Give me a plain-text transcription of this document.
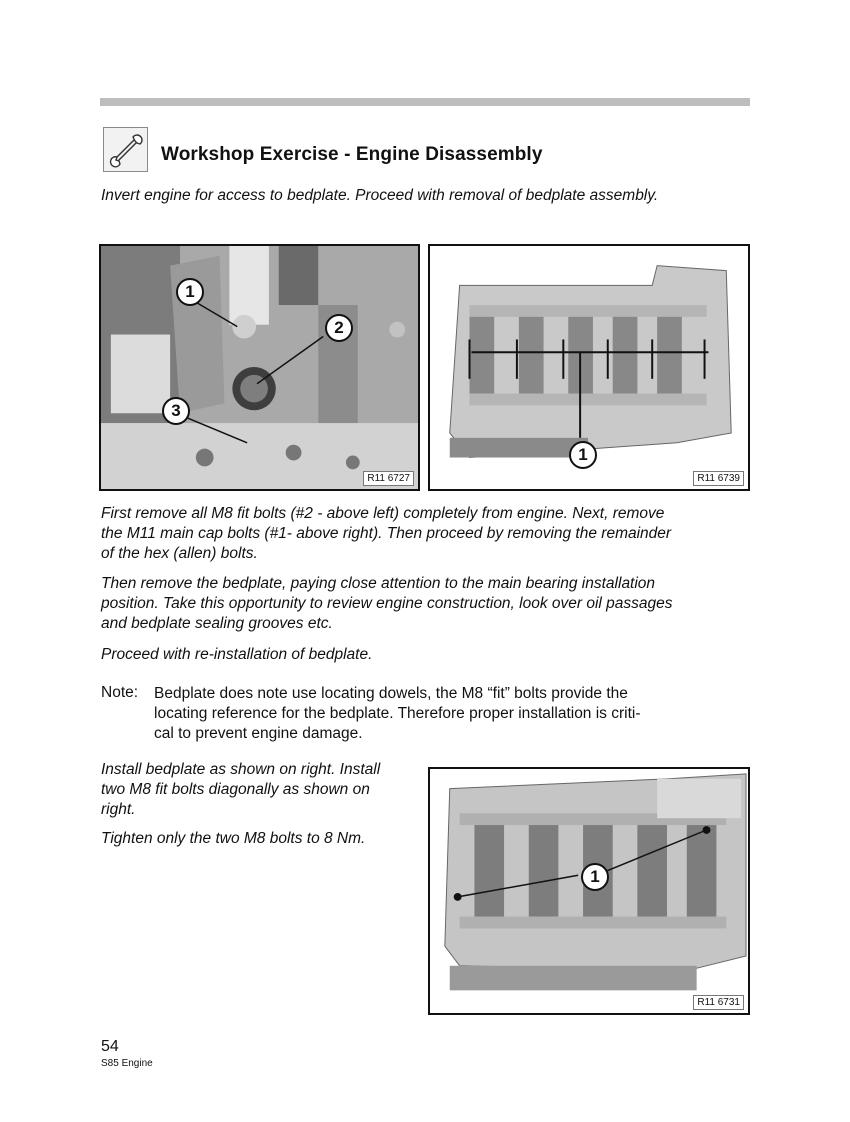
Workshop Exercise - Engine Disassembly
Invert engine for access to bedplate. Proceed with removal of bedplate assembly.
1
2
3
R11 6727
1
R11 6739
First remove all M8 fit bolts (#2 - above left) completely from engine. Next, remove
the M11 main cap bolts (#1- above right). Then proceed by removing the remainder
of the hex (allen) bolts.
Then remove the bedplate, paying close attention to the main bearing installation
position. Take this opportunity to review engine construction, look over oil passages
and bedplate sealing grooves etc.
Proceed with re-installation of bedplate.
Note: Bedplate does note use locating dowels, the M8 “fit” bolts provide the
locating reference for the bedplate. Therefore proper installation is criti-
cal to prevent engine damage.
Install bedplate as shown on right. Install
two M8 fit bolts diagonally as shown on
right.
Tighten only the two M8 bolts to 8 Nm.
1
R11 6731
54
S85 Engine
